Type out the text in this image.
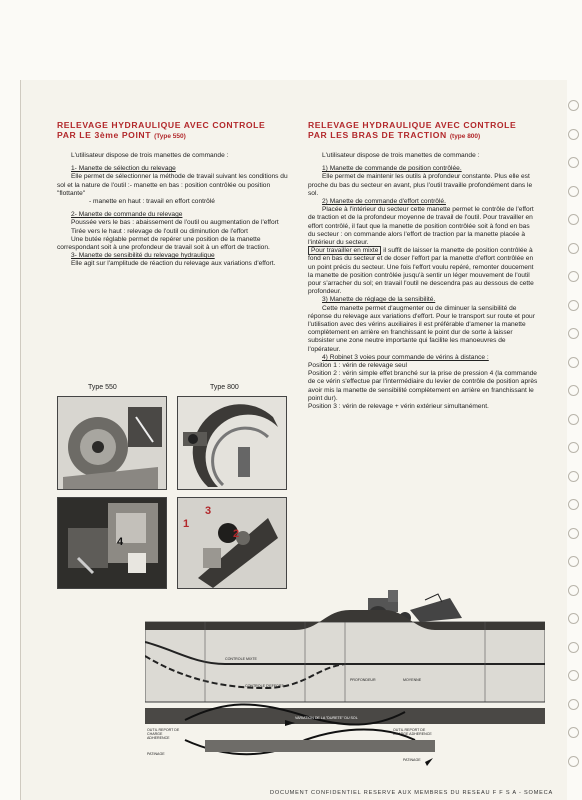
RELEVAGE HYDRAULIQUE AVEC CONTROLE
PAR LE 3ème POINT (Type 550)

L'utilisateur dispose de trois manettes de commande :

1- Manette de sélection du relevage

Elle permet de sélectionner la méthode de travail suivant les conditions du sol et la nature de l'outil :- manette en bas : position contrôlée ou position "flottante"

- manette en haut : travail en effort contrôlé

2- Manette de commande du relevage

Poussée vers le bas : abaissement de l'outil ou augmentation de l'effort

Tirée vers le haut : relevage de l'outil ou diminution de l'effort

Une butée réglable permet de repérer une position de la manette correspondant soit à une profondeur de travail soit à un effort de traction.

3- Manette de sensibilité du relevage hydraulique

Elle agit sur l'amplitude de réaction du relevage aux variations d'effort.

Type 550	Type 800
1
2
3
4
RELEVAGE HYDRAULIQUE AVEC CONTROLE
PAR LES BRAS DE TRACTION (type 800)

L'utilisateur dispose de trois manettes de commande :

1) Manette de commande de position contrôlée.

Elle permet de maintenir les outils à profondeur constante. Plus elle est proche du bas du secteur en avant, plus l'outil travaille profondément dans le sol.

2) Manette de commande d'effort contrôlé.

Placée à l'intérieur du secteur cette manette permet le contrôle de l'effort de traction et de la profondeur moyenne de travail de l'outil. Pour travailler en effort contrôlé, il faut que la manette de position contrôlée soit à fond en bas du secteur : on commande alors l'effort de traction par la manette placée à l'intérieur du secteur.

Pour travailler en mixte il suffit de laisser la manette de position contrôlée à fond en bas du secteur et de doser l'effort par la manette d'effort contrôlée en un point précis du secteur. Une fois l'effort voulu repéré, remonter doucement la manette de position contrôlée jusqu'à sentir un léger mouvement de l'outil pour s'arracher du sol; en travail l'outil ne descendra pas au dessous de cette profondeur.

3) Manette de réglage de la sensibilité.

Cette manette permet d'augmenter ou de diminuer la sensibilité de réponse du relevage aux variations d'effort. Pour le transport sur route et pour l'utilisation avec des vérins auxiliaires il est préférable d'amener la manette complètement en arrière en franchissant le point dur de sorte à laisser subsister une zone neutre importante qui facilite les manoeuvres de l'opérateur.

4) Robinet 3 voies pour commande de vérins à distance :

Position 1 : vérin de relevage seul

Position 2 : vérin simple effet branché sur la prise de pression 4 (la commande de ce vérin s'effectue par l'intermédiaire du levier de contrôle de position après avoir mis la manette de sensibilité complètement en arrière en franchissant le point dur).

Position 3 : vérin de relevage + vérin extérieur simultanément.

CONTROLE MIXTE
CONTROLE D'EFFORT
PROFONDEUR	MOYENNE
VARIATION DE LA "DURETE" DU SOL
OUTIL REPORT DE CHARGE ADHERENCE
OUTIL REPORT DE CHARGE ADHERENCE
PATINAGE
PATINAGE
DOCUMENT CONFIDENTIEL RESERVE AUX MEMBRES DU RESEAU F F S A - SOMECA
